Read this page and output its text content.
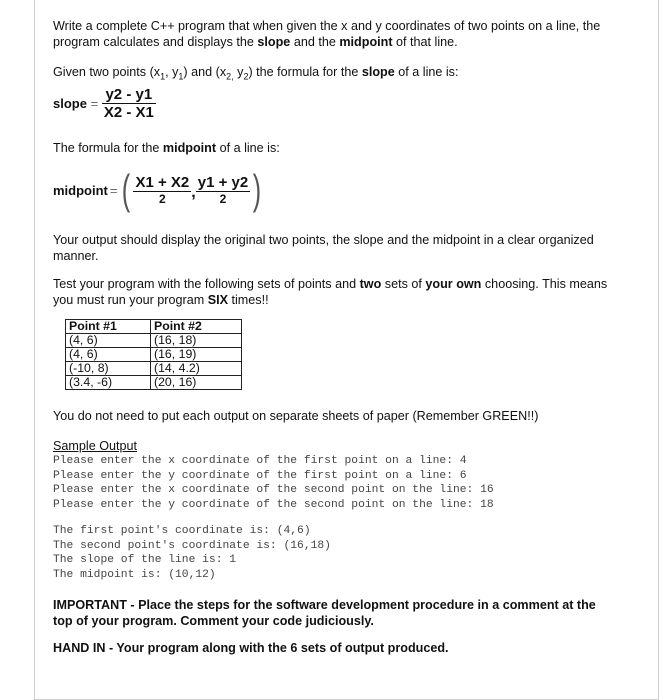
Write a complete C++ program that when given the x and y coordinates of two points on a line, the

program calculates and displays the slope and the midpoint of that line.

Given two points ($x_1$, $y_1$) and ($x_{2,}$ $y_2$) the formula for the slope of a line is:

slope = $\frac{y2 - y1}{X2 - X1}$

The formula for the midpoint of a line is:

midpoint = ( $\frac{X1 + X2}{2}$ , $\frac{y1 + y2}{2}$ )

Your output should display the original two points, the slope and the midpoint in a clear organized

manner.

Test your program with the following sets of points and two sets of your own choosing. This means

you must run your program SIX times!!

Point #1	Point #2
(4, 6)	(16, 18)
(4, 6)	(16, 19)
(-10, 8)	(14, 4.2)
(3.4, -6)	(20, 16)

You do not need to put each output on separate sheets of paper (Remember GREEN!!)

Sample Output

Please enter the x coordinate of the first point on a line: 4

Please enter the y coordinate of the first point on a line: 6

Please enter the x coordinate of the second point on the line: 16

Please enter the y coordinate of the second point on the line: 18

The first point's coordinate is: (4,6)

The second point's coordinate is: (16,18)

The slope of the line is: 1

The midpoint is: (10,12)

IMPORTANT - Place the steps for the software development procedure in a comment at the

top of your program. Comment your code judiciously.

HAND IN - Your program along with the 6 sets of output produced.
